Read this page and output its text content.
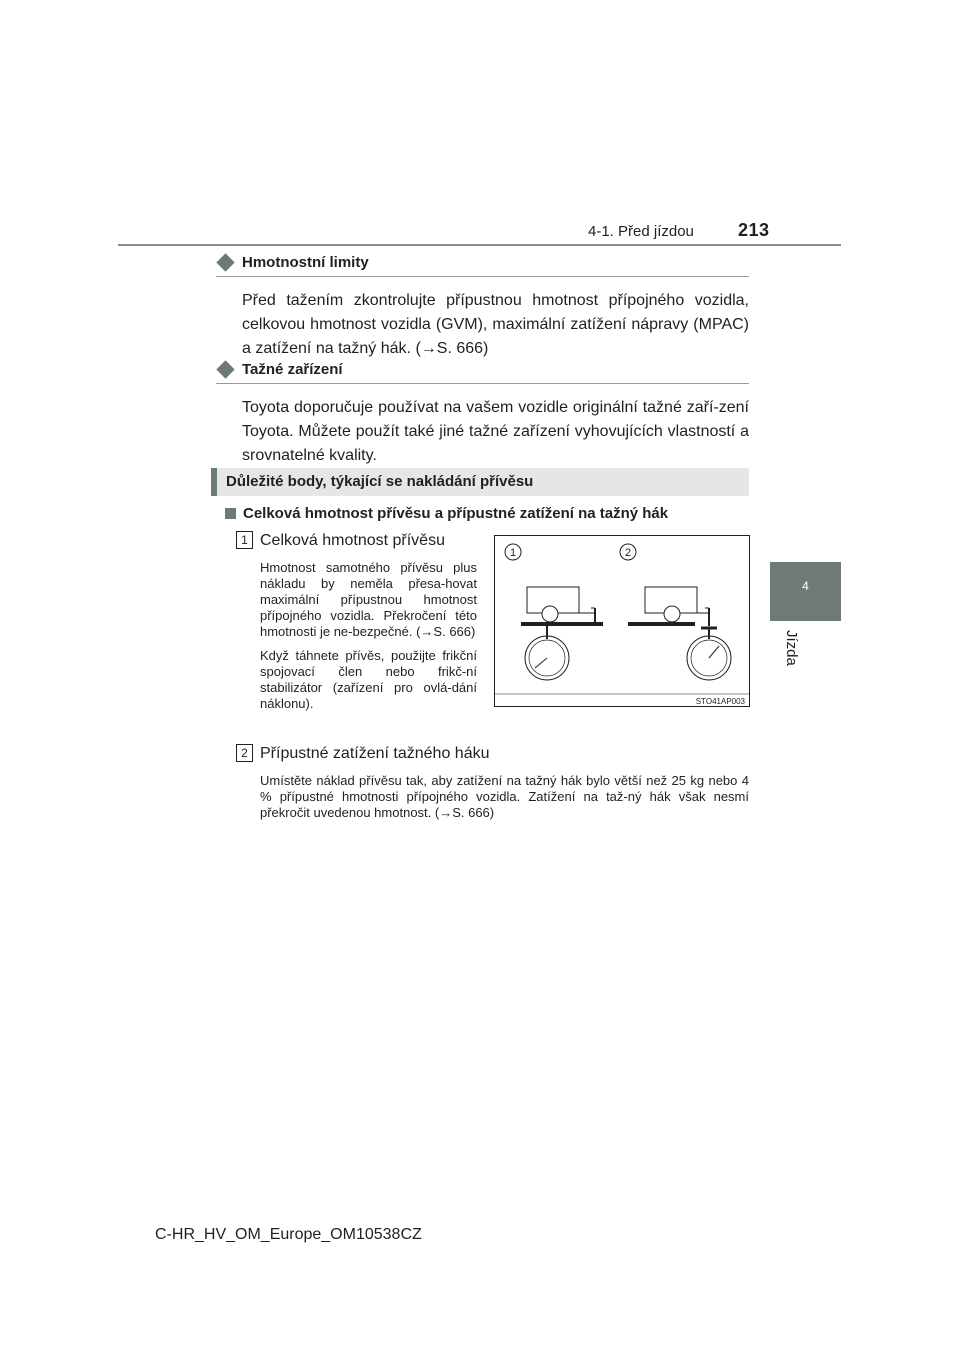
4-1. Před jízdou 213
4
Jízda
Hmotnostní limity
Před tažením zkontrolujte přípustnou hmotnost přípojného vozidla, celkovou hmotnost vozidla (GVM), maximální zatížení nápravy (MPAC) a zatížení na tažný hák. (→S. 666)
Tažné zařízení
Toyota doporučuje používat na vašem vozidle originální tažné zaří-zení Toyota. Můžete použít také jiné tažné zařízení vyhovujících vlastností a srovnatelné kvality.
Důležité body, týkající se nakládání přívěsu
Celková hmotnost přívěsu a přípustné zatížení na tažný hák
1 Celková hmotnost přívěsu

Hmotnost samotného přívěsu plus nákladu by neměla přesa-hovat maximální přípustnou hmotnost přípojného vozidla. Překročení této hmotnosti je ne-bezpečné. (→S. 666)

Když táhnete přívěs, použijte frikční spojovací člen nebo frikč-ní stabilizátor (zařízení pro ovlá-dání náklonu).

1	2
STO41AP003
2 Přípustné zatížení tažného háku

Umístěte náklad přívěsu tak, aby zatížení na tažný hák bylo větší než 25 kg nebo 4 % přípustné hmotnosti přípojného vozidla. Zatížení na taž-ný hák však nesmí překročit uvedenou hmotnost. (→S. 666)

C-HR_HV_OM_Europe_OM10538CZ
